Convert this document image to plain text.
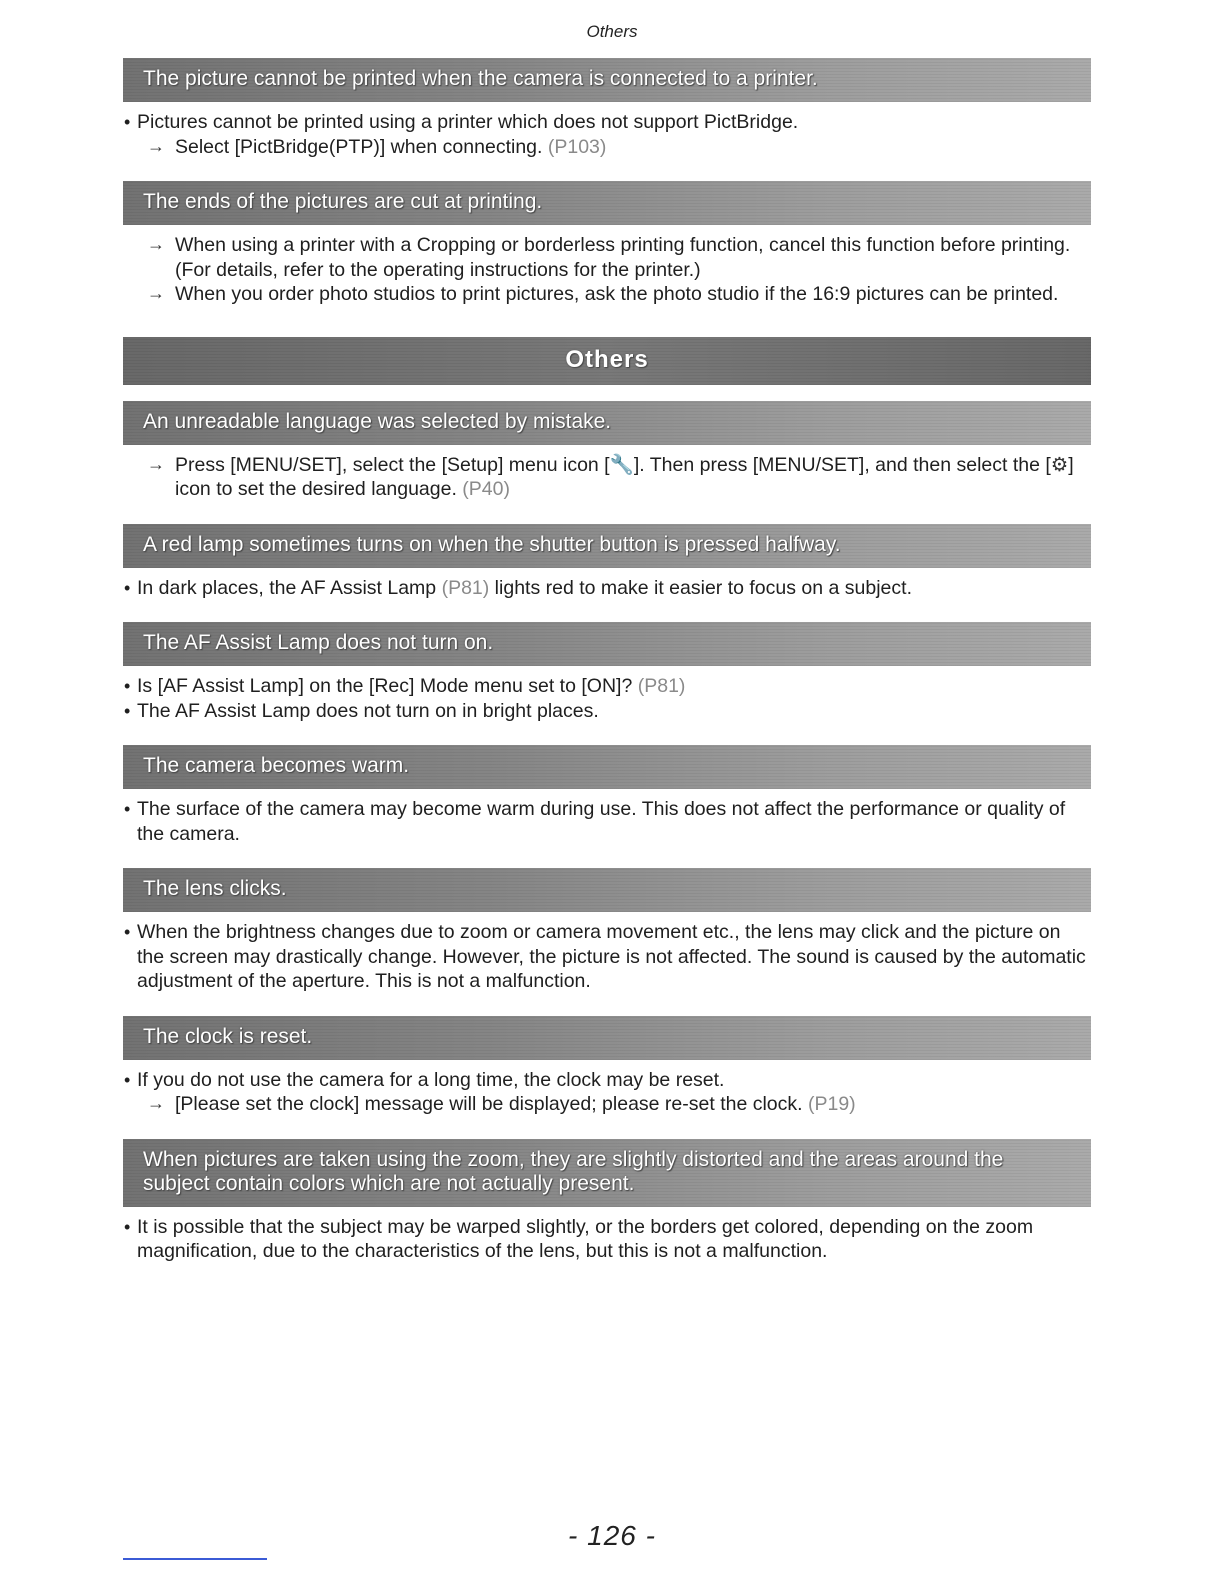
Others
The picture cannot be printed when the camera is connected to a printer.
• Pictures cannot be printed using a printer which does not support PictBridge.
→ Select [PictBridge(PTP)] when connecting. (P103)
The ends of the pictures are cut at printing.
→ When using a printer with a Cropping or borderless printing function, cancel this function before printing. (For details, refer to the operating instructions for the printer.)
→ When you order photo studios to print pictures, ask the photo studio if the 16:9 pictures can be printed.
Others
An unreadable language was selected by mistake.
→ Press [MENU/SET], select the [Setup] menu icon [🔧]. Then press [MENU/SET], and then select the [⚙] icon to set the desired language. (P40)
A red lamp sometimes turns on when the shutter button is pressed halfway.
• In dark places, the AF Assist Lamp (P81) lights red to make it easier to focus on a subject.
The AF Assist Lamp does not turn on.
• Is [AF Assist Lamp] on the [Rec] Mode menu set to [ON]? (P81)
• The AF Assist Lamp does not turn on in bright places.
The camera becomes warm.
• The surface of the camera may become warm during use. This does not affect the performance or quality of the camera.
The lens clicks.
• When the brightness changes due to zoom or camera movement etc., the lens may click and the picture on the screen may drastically change. However, the picture is not affected. The sound is caused by the automatic adjustment of the aperture. This is not a malfunction.
The clock is reset.
• If you do not use the camera for a long time, the clock may be reset.
→ [Please set the clock] message will be displayed; please re-set the clock. (P19)
When pictures are taken using the zoom, they are slightly distorted and the areas around the subject contain colors which are not actually present.
• It is possible that the subject may be warped slightly, or the borders get colored, depending on the zoom magnification, due to the characteristics of the lens, but this is not a malfunction.
- 126 -
